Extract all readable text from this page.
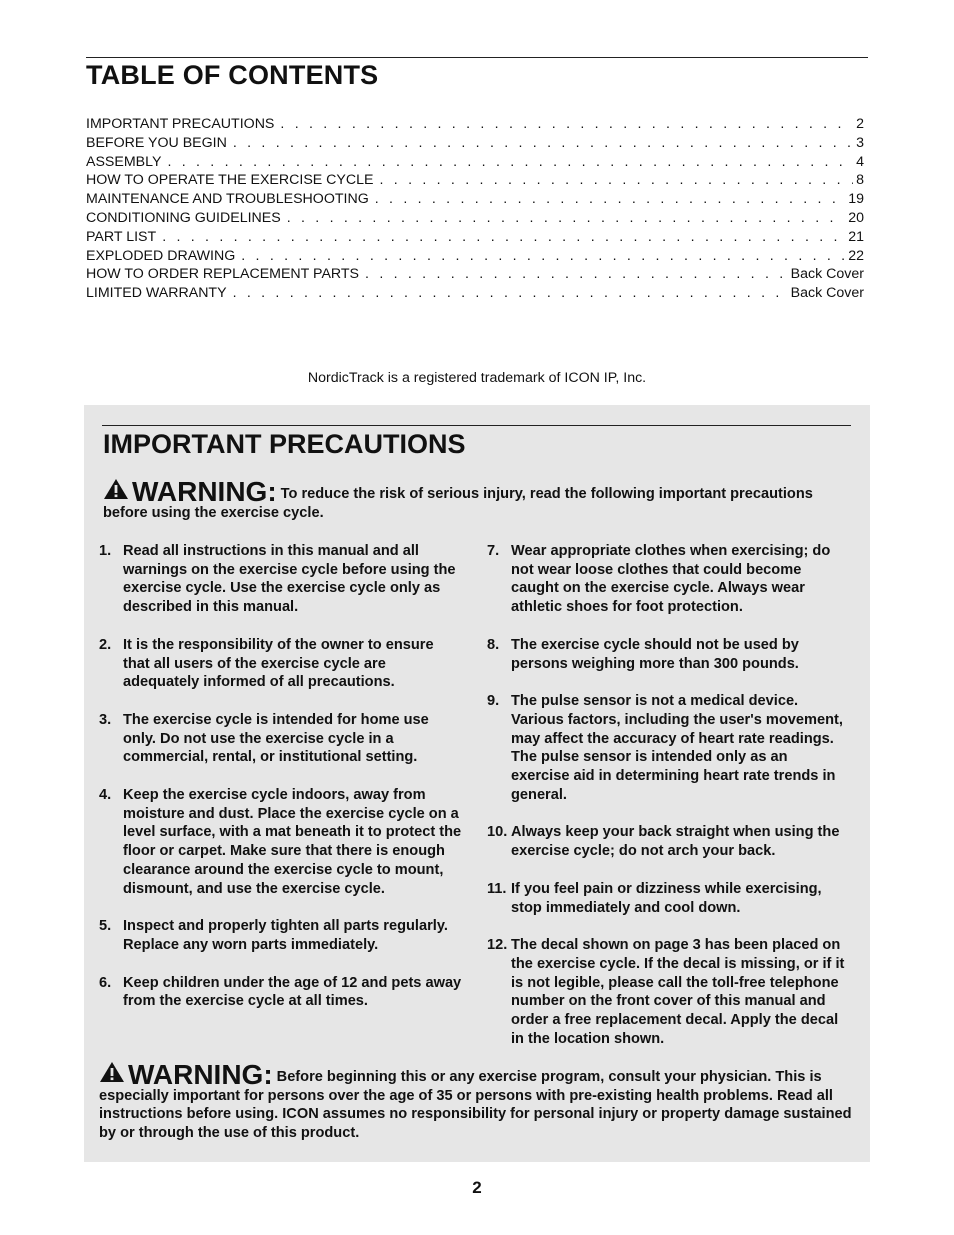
TABLE OF CONTENTS
IMPORTANT PRECAUTIONS . . .	2
BEFORE YOU BEGIN . . .	3
ASSEMBLY . . .	4
HOW TO OPERATE THE EXERCISE CYCLE . . .	8
MAINTENANCE AND TROUBLESHOOTING . . .	19
CONDITIONING GUIDELINES . . .	20
PART LIST . . .	21
EXPLODED DRAWING . . .	22
HOW TO ORDER REPLACEMENT PARTS . . .	Back Cover
LIMITED WARRANTY . . .	Back Cover
NordicTrack is a registered trademark of ICON IP, Inc.
IMPORTANT PRECAUTIONS
WARNING: To reduce the risk of serious injury, read the following important precautions before using the exercise cycle.
1. Read all instructions in this manual and all warnings on the exercise cycle before using the exercise cycle. Use the exercise cycle only as described in this manual.
2. It is the responsibility of the owner to ensure that all users of the exercise cycle are adequately informed of all precautions.
3. The exercise cycle is intended for home use only. Do not use the exercise cycle in a commercial, rental, or institutional setting.
4. Keep the exercise cycle indoors, away from moisture and dust. Place the exercise cycle on a level surface, with a mat beneath it to protect the floor or carpet. Make sure that there is enough clearance around the exercise cycle to mount, dismount, and use the exercise cycle.
5. Inspect and properly tighten all parts regularly. Replace any worn parts immediately.
6. Keep children under the age of 12 and pets away from the exercise cycle at all times.
7. Wear appropriate clothes when exercising; do not wear loose clothes that could become caught on the exercise cycle. Always wear athletic shoes for foot protection.
8. The exercise cycle should not be used by persons weighing more than 300 pounds.
9. The pulse sensor is not a medical device. Various factors, including the user's movement, may affect the accuracy of heart rate readings. The pulse sensor is intended only as an exercise aid in determining heart rate trends in general.
10. Always keep your back straight when using the exercise cycle; do not arch your back.
11. If you feel pain or dizziness while exercising, stop immediately and cool down.
12. The decal shown on page 3 has been placed on the exercise cycle. If the decal is missing, or if it is not legible, please call the toll-free telephone number on the front cover of this manual and order a free replacement decal. Apply the decal in the location shown.
WARNING: Before beginning this or any exercise program, consult your physician. This is especially important for persons over the age of 35 or persons with pre-existing health problems. Read all instructions before using. ICON assumes no responsibility for personal injury or property damage sustained by or through the use of this product.
2
